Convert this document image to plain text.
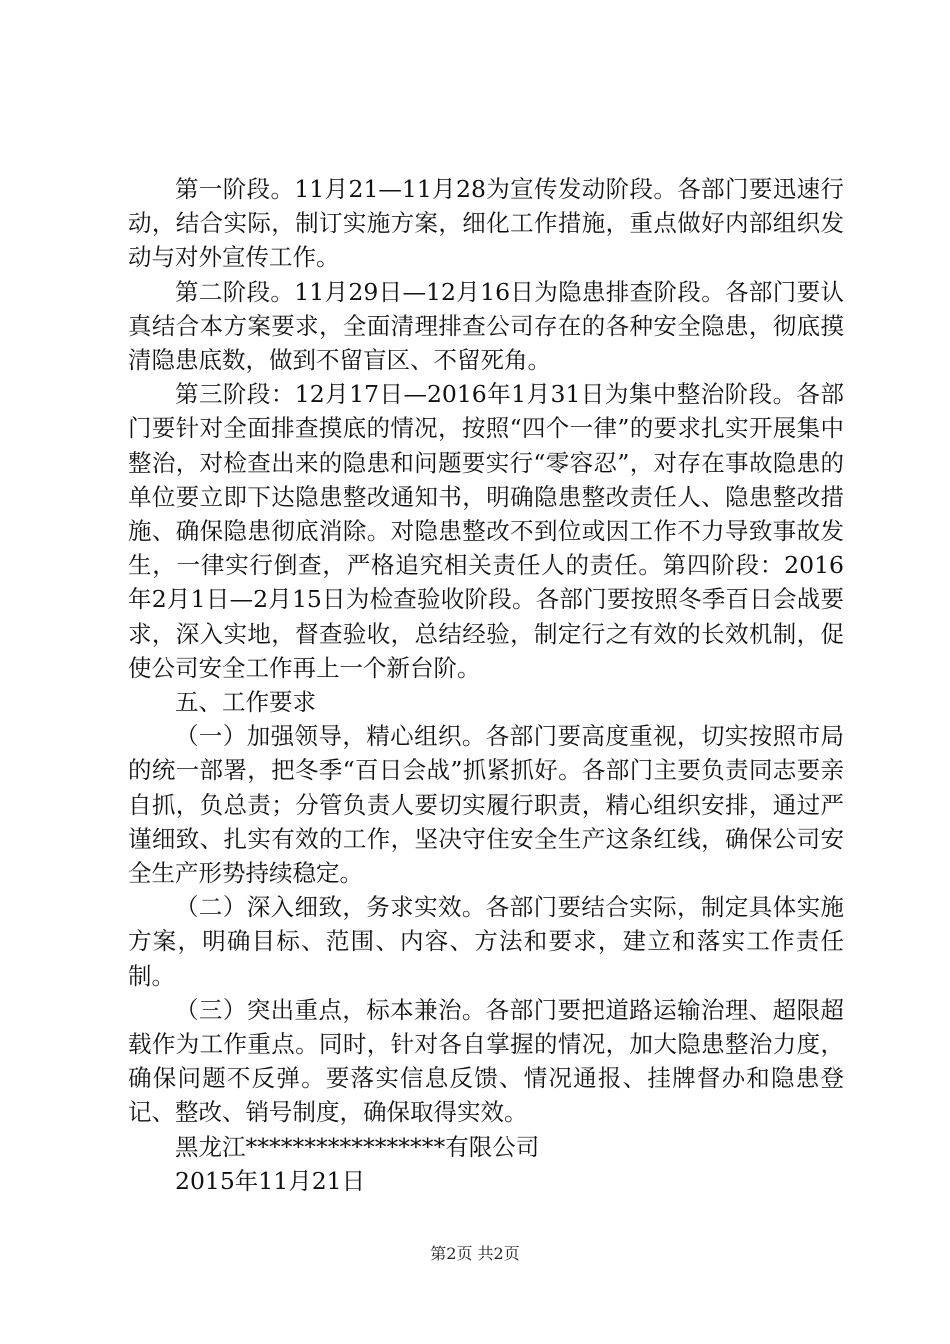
第一阶段。11月21—11月28为宣传发动阶段。各部门要迅速行动，结合实际，制订实施方案，细化工作措施，重点做好内部组织发动与对外宣传工作。

第二阶段。11月29日—12月16日为隐患排查阶段。各部门要认真结合本方案要求，全面清理排查公司存在的各种安全隐患，彻底摸清隐患底数，做到不留盲区、不留死角。

第三阶段：12月17日—2016年1月31日为集中整治阶段。各部门要针对全面排查摸底的情况，按照“四个一律”的要求扎实开展集中整治，对检查出来的隐患和问题要实行“零容忍”，对存在事故隐患的单位要立即下达隐患整改通知书，明确隐患整改责任人、隐患整改措施、确保隐患彻底消除。对隐患整改不到位或因工作不力导致事故发生，一律实行倒查，严格追究相关责任人的责任。第四阶段：2016年2月1日—2月15日为检查验收阶段。各部门要按照冬季百日会战要求，深入实地，督查验收，总结经验，制定行之有效的长效机制，促使公司安全工作再上一个新台阶。

五、工作要求

（一）加强领导，精心组织。各部门要高度重视，切实按照市局的统一部署，把冬季“百日会战”抓紧抓好。各部门主要负责同志要亲自抓，负总责；分管负责人要切实履行职责，精心组织安排，通过严谨细致、扎实有效的工作，坚决守住安全生产这条红线，确保公司安全生产形势持续稳定。

（二）深入细致，务求实效。各部门要结合实际，制定具体实施方案，明确目标、范围、内容、方法和要求，建立和落实工作责任制。

（三）突出重点，标本兼治。各部门要把道路运输治理、超限超载作为工作重点。同时，针对各自掌握的情况，加大隐患整治力度，确保问题不反弹。要落实信息反馈、情况通报、挂牌督办和隐患登记、整改、销号制度，确保取得实效。

黑龙江*****************有限公司

2015年11月21日

第2页 共2页
